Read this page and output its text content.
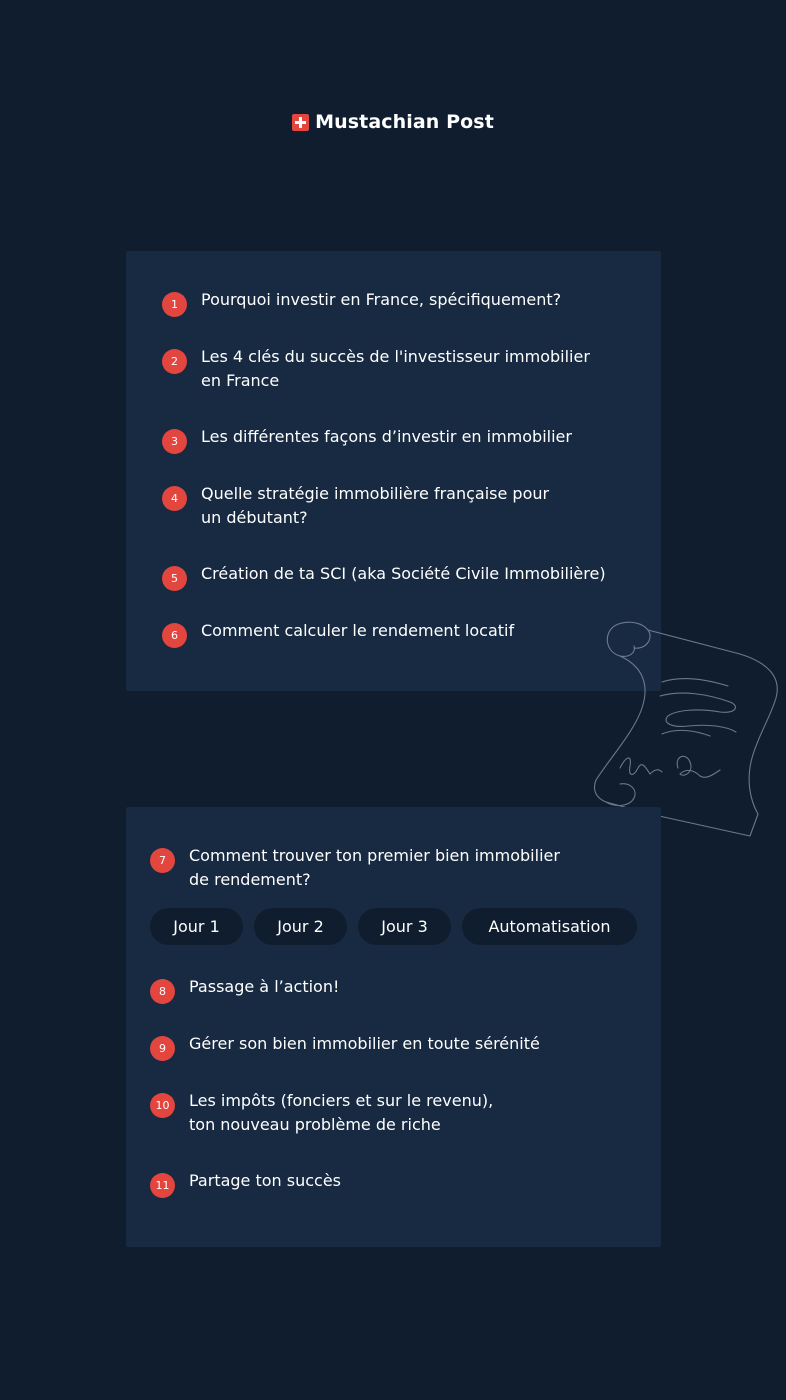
Mustachian Post
1	Pourquoi investir en France, spécifiquement?
2	Les 4 clés du succès de l'investisseur immobilier
en France
3	Les différentes façons d’investir en immobilier
4	Quelle stratégie immobilière française pour
un débutant?
5	Création de ta SCI (aka Société Civile Immobilière)
6	Comment calculer le rendement locatif
7	Comment trouver ton premier bien immobilier
de rendement?
Jour 1	Jour 2	Jour 3	Automatisation
8	Passage à l’action!
9	Gérer son bien immobilier en toute sérénité
10	Les impôts (fonciers et sur le revenu),
ton nouveau problème de riche
11	Partage ton succès
